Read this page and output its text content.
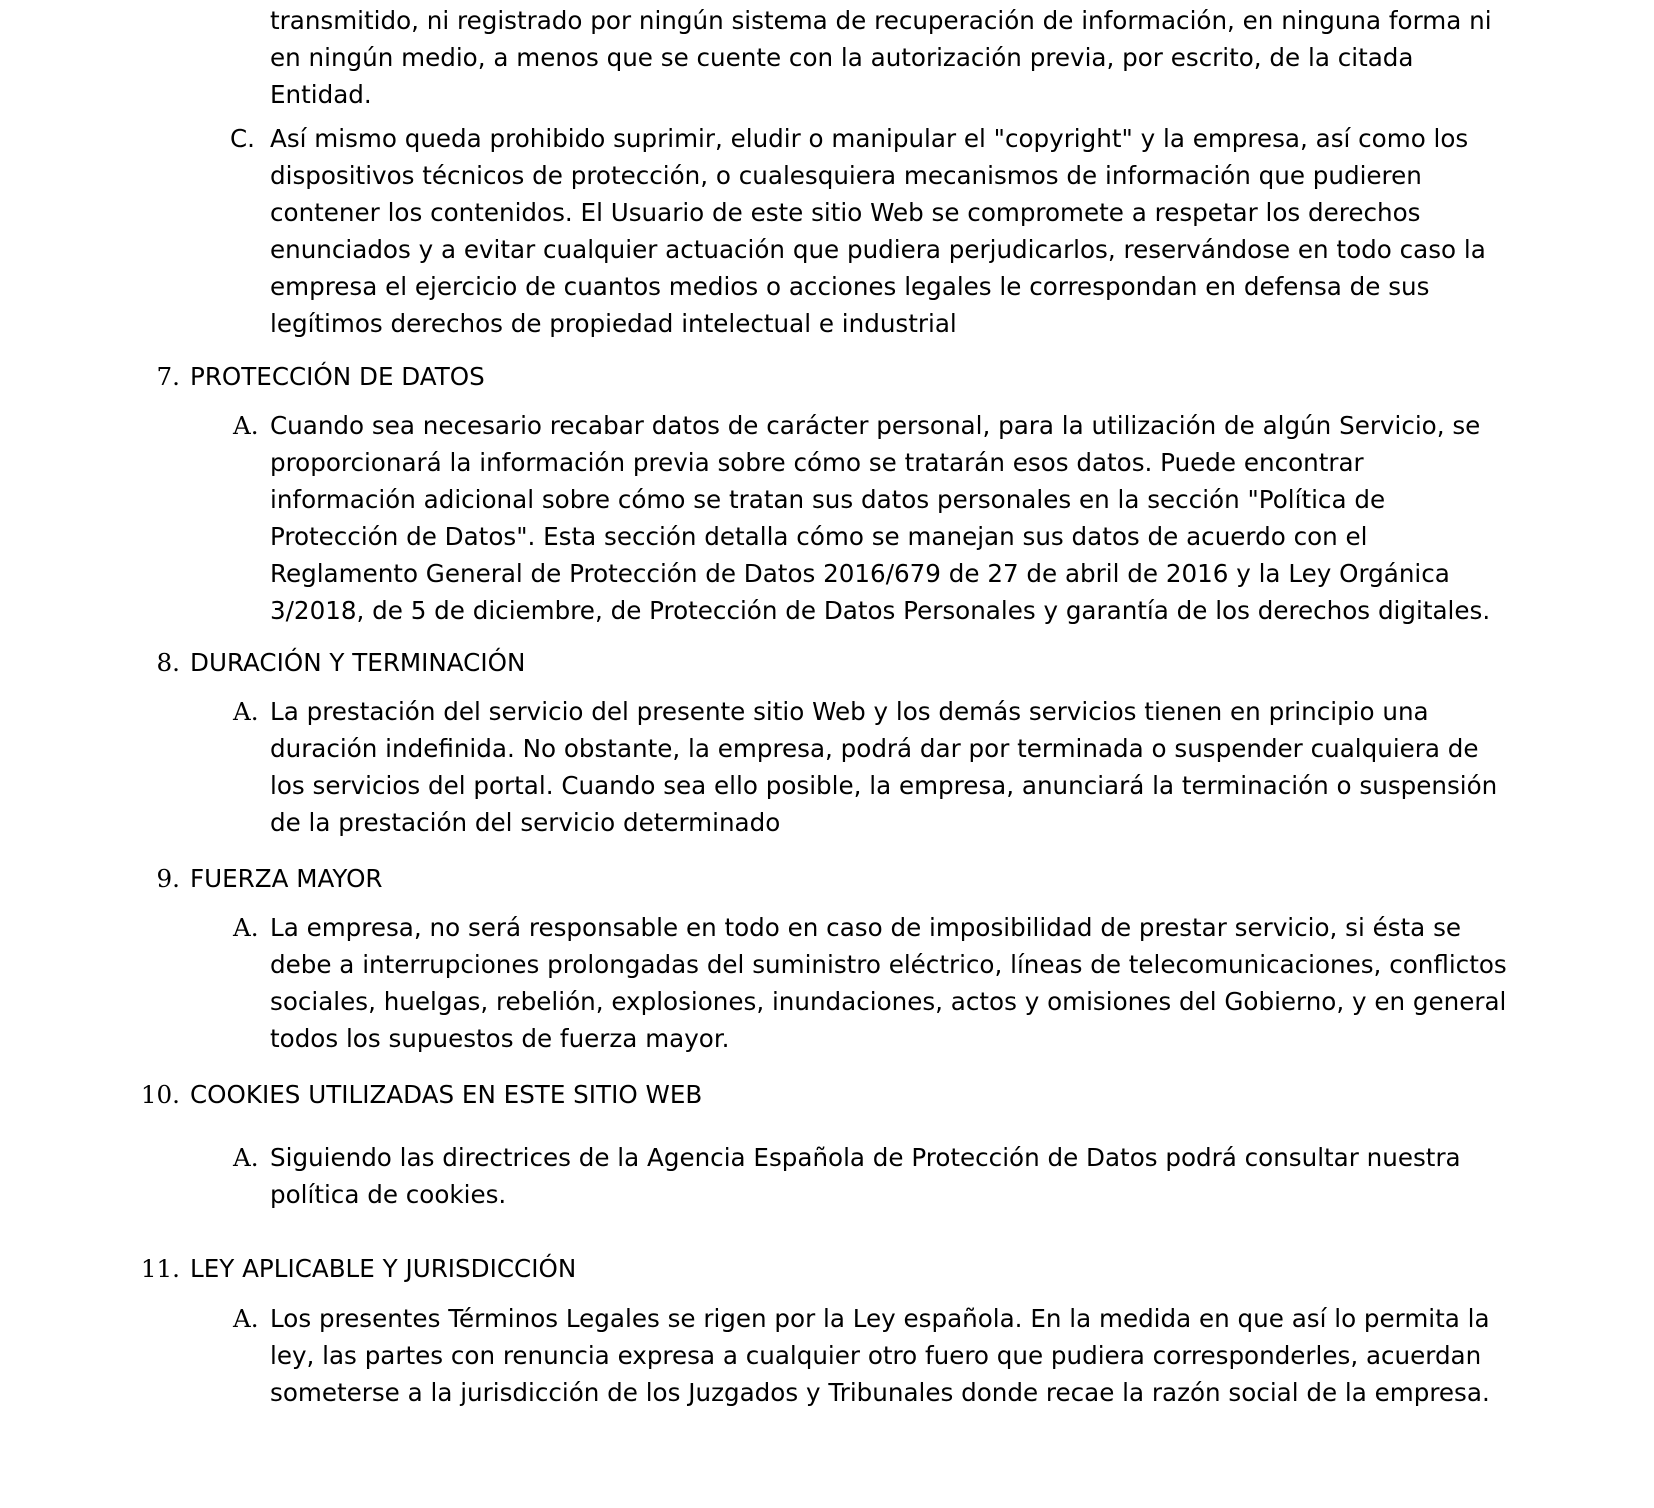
transmitido, ni registrado por ningún sistema de recuperación de información, en ninguna forma ni
en ningún medio, a menos que se cuente con la autorización previa, por escrito, de la citada
Entidad.
C. Así mismo queda prohibido suprimir, eludir o manipular el "copyright" y la empresa, así como los
dispositivos técnicos de protección, o cualesquiera mecanismos de información que pudieren
contener los contenidos. El Usuario de este sitio Web se compromete a respetar los derechos
enunciados y a evitar cualquier actuación que pudiera perjudicarlos, reservándose en todo caso la
empresa el ejercicio de cuantos medios o acciones legales le correspondan en defensa de sus
legítimos derechos de propiedad intelectual e industrial
7. PROTECCIÓN DE DATOS
A. Cuando sea necesario recabar datos de carácter personal, para la utilización de algún Servicio, se
proporcionará la información previa sobre cómo se tratarán esos datos. Puede encontrar
información adicional sobre cómo se tratan sus datos personales en la sección "Política de
Protección de Datos". Esta sección detalla cómo se manejan sus datos de acuerdo con el
Reglamento General de Protección de Datos 2016/679 de 27 de abril de 2016 y la Ley Orgánica
3/2018, de 5 de diciembre, de Protección de Datos Personales y garantía de los derechos digitales.
8. DURACIÓN Y TERMINACIÓN
A. La prestación del servicio del presente sitio Web y los demás servicios tienen en principio una
duración indefinida. No obstante, la empresa, podrá dar por terminada o suspender cualquiera de
los servicios del portal. Cuando sea ello posible, la empresa, anunciará la terminación o suspensión
de la prestación del servicio determinado
9. FUERZA MAYOR
A. La empresa, no será responsable en todo en caso de imposibilidad de prestar servicio, si ésta se
debe a interrupciones prolongadas del suministro eléctrico, líneas de telecomunicaciones, conflictos
sociales, huelgas, rebelión, explosiones, inundaciones, actos y omisiones del Gobierno, y en general
todos los supuestos de fuerza mayor.
10. COOKIES UTILIZADAS EN ESTE SITIO WEB
A. Siguiendo las directrices de la Agencia Española de Protección de Datos podrá consultar nuestra
política de cookies.
11. LEY APLICABLE Y JURISDICCIÓN
A. Los presentes Términos Legales se rigen por la Ley española. En la medida en que así lo permita la
ley, las partes con renuncia expresa a cualquier otro fuero que pudiera corresponderles, acuerdan
someterse a la jurisdicción de los Juzgados y Tribunales donde recae la razón social de la empresa.
